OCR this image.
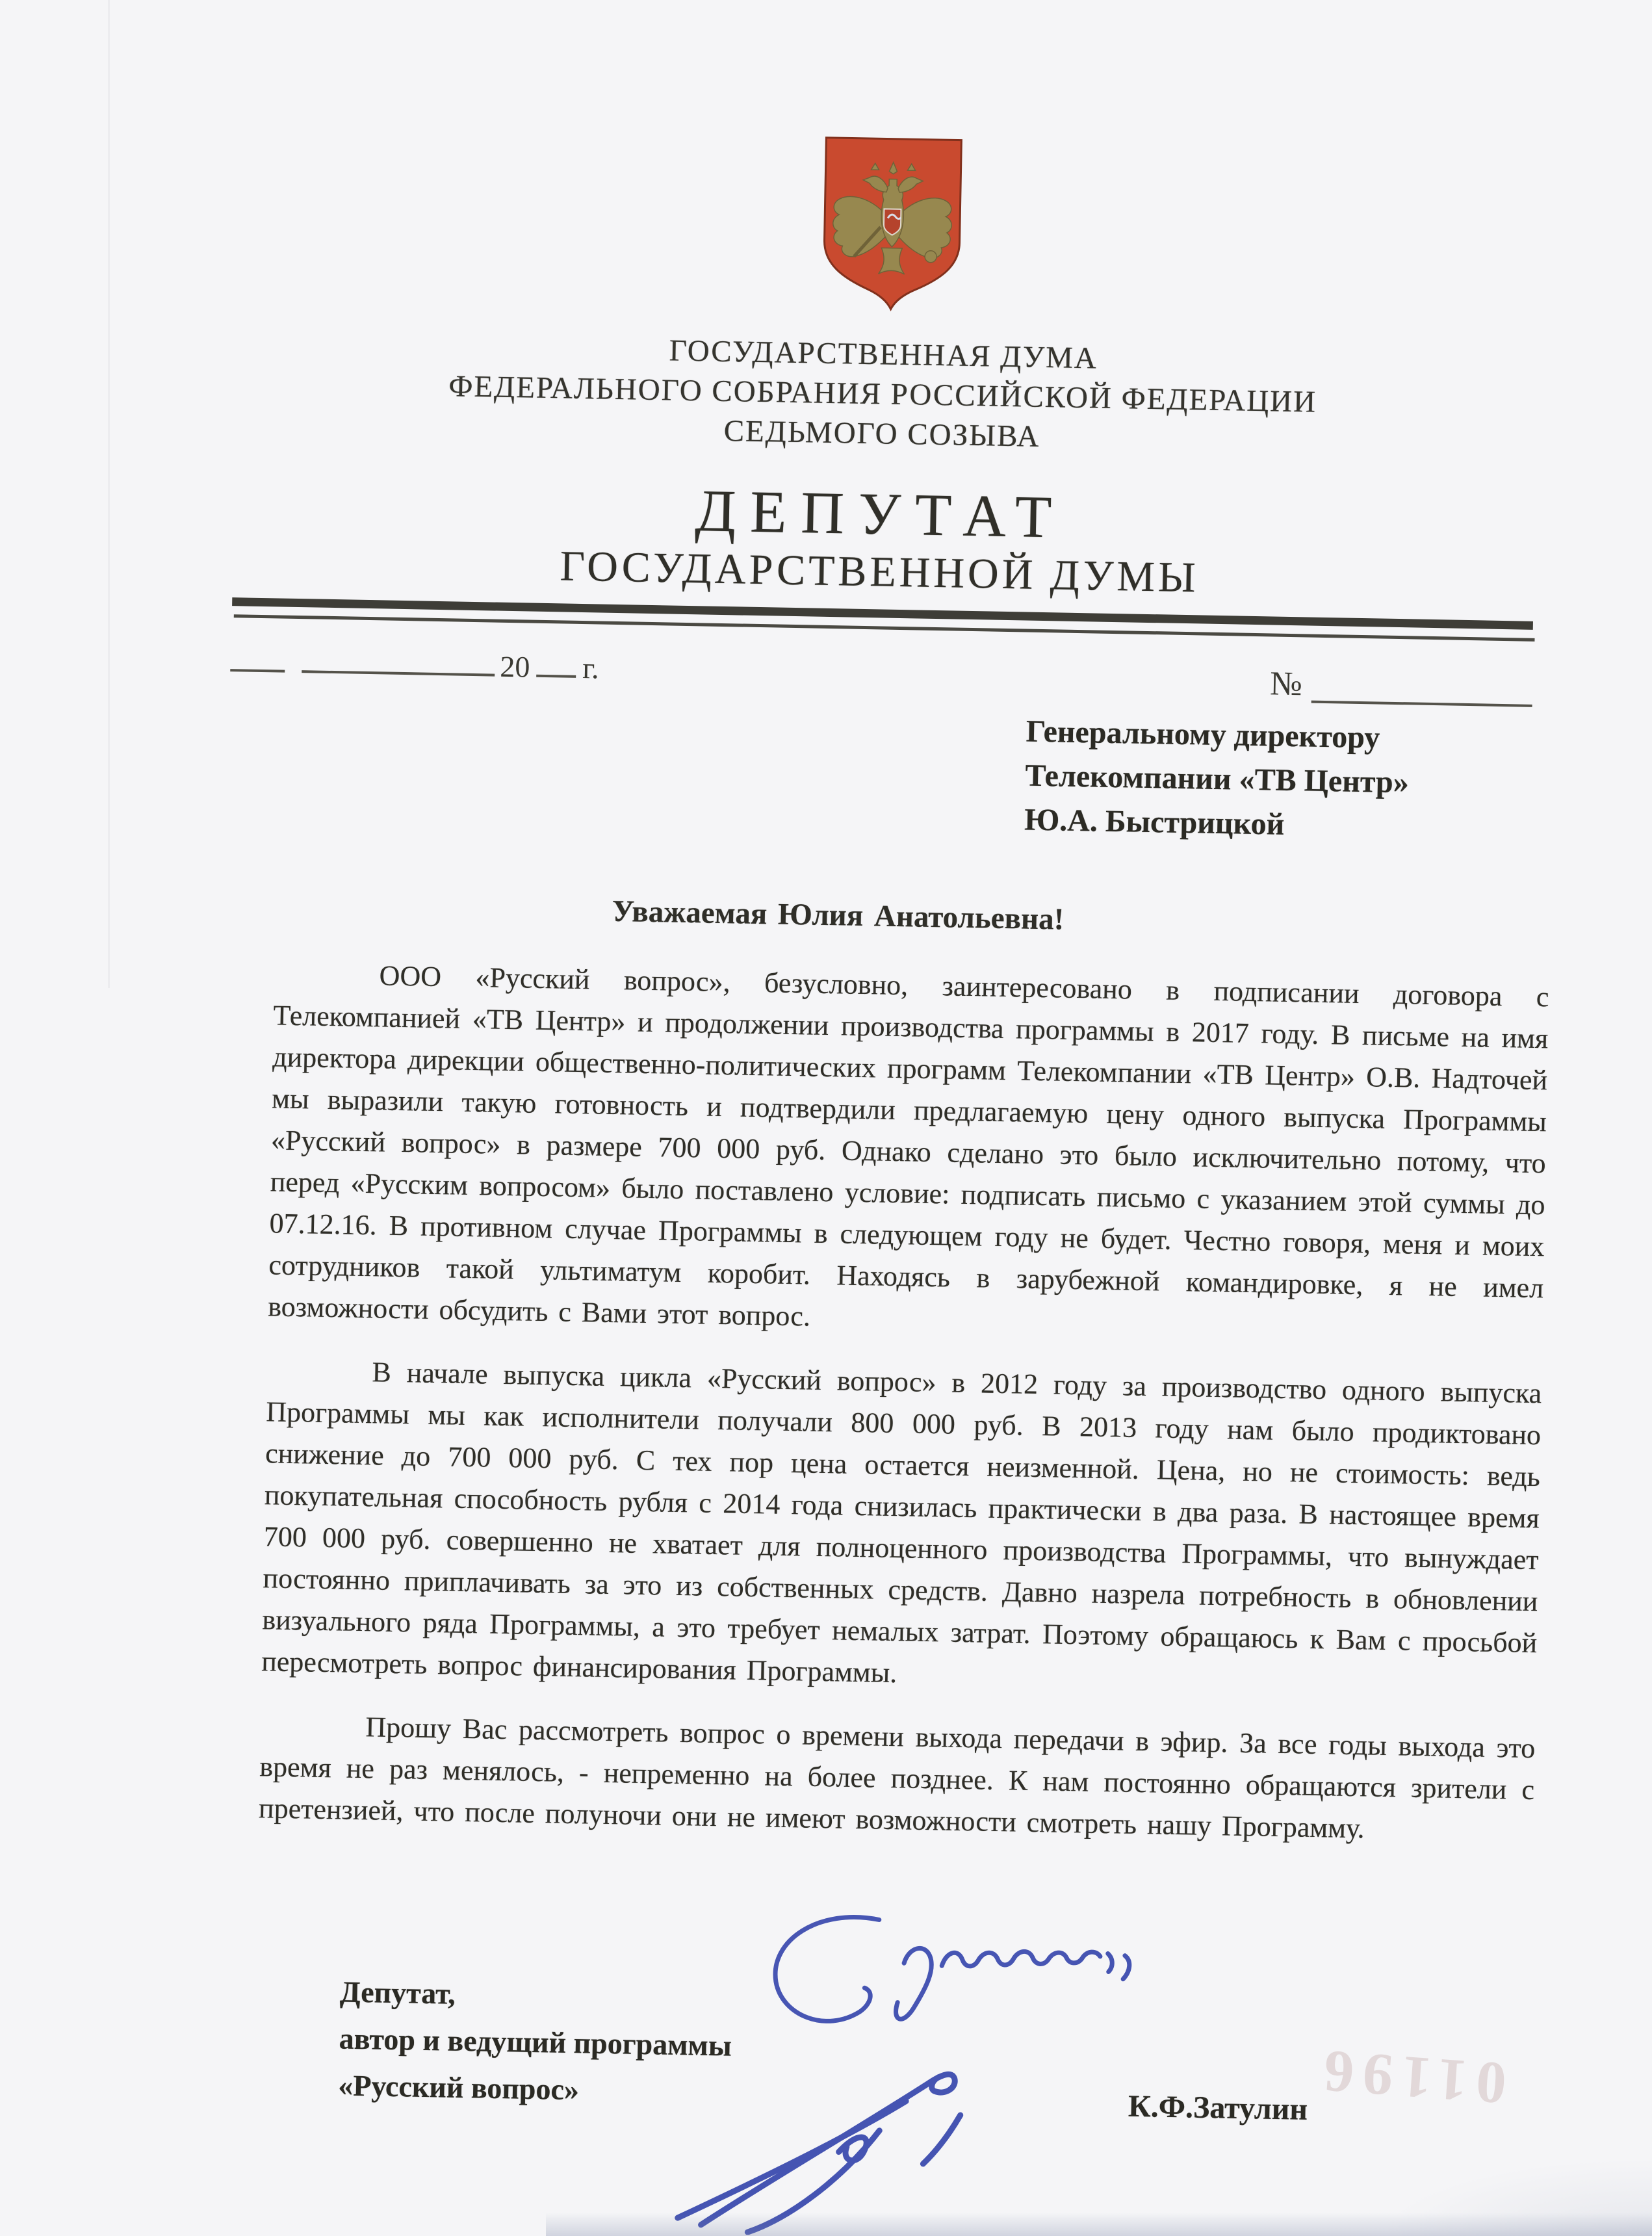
ГОСУДАРСТВЕННАЯ ДУМА
ФЕДЕРАЛЬНОГО СОБРАНИЯ РОССИЙСКОЙ ФЕДЕРАЦИИ
СЕДЬМОГО СОЗЫВА
ДЕПУТАТ
ГОСУДАРСТВЕННОЙ ДУМЫ
20 г.	№
Генеральному директору
Телекомпании «ТВ Центр»
Ю.А. Быстрицкой

Уважаемая Юлия Анатольевна!

ООО «Русский вопрос», безусловно, заинтересовано в подписании договора с Телекомпанией «ТВ Центр» и продолжении производства программы в 2017 году. В письме на имя директора дирекции общественно-политических программ Телекомпании «ТВ Центр» О.В. Надточей мы выразили такую готовность и подтвердили предлагаемую цену одного выпуска Программы «Русский вопрос» в размере 700 000 руб. Однако сделано это было исключительно потому, что перед «Русским вопросом» было поставлено условие: подписать письмо с указанием этой суммы до 07.12.16. В противном случае Программы в следующем году не будет. Честно говоря, меня и моих сотрудников такой ультиматум коробит. Находясь в зарубежной командировке, я не имел возможности обсудить с Вами этот вопрос.

В начале выпуска цикла «Русский вопрос» в 2012 году за производство одного выпуска Программы мы как исполнители получали 800 000 руб. В 2013 году нам было продиктовано снижение до 700 000 руб. С тех пор цена остается неизменной. Цена, но не стоимость: ведь покупательная способность рубля с 2014 года снизилась практически в два раза. В настоящее время 700 000 руб. совершенно не хватает для полноценного производства Программы, что вынуждает постоянно приплачивать за это из собственных средств. Давно назрела потребность в обновлении визуального ряда Программы, а это требует немалых затрат. Поэтому обращаюсь к Вам с просьбой пересмотреть вопрос финансирования Программы.

Прошу Вас рассмотреть вопрос о времени выхода передачи в эфир. За все годы выхода это время не раз менялось, - непременно на более позднее. К нам постоянно обращаются зрители с претензией, что после полуночи они не имеют возможности смотреть нашу Программу.

Депутат,
автор и ведущий программы
«Русский вопрос»
К.Ф.Затулин 01196
